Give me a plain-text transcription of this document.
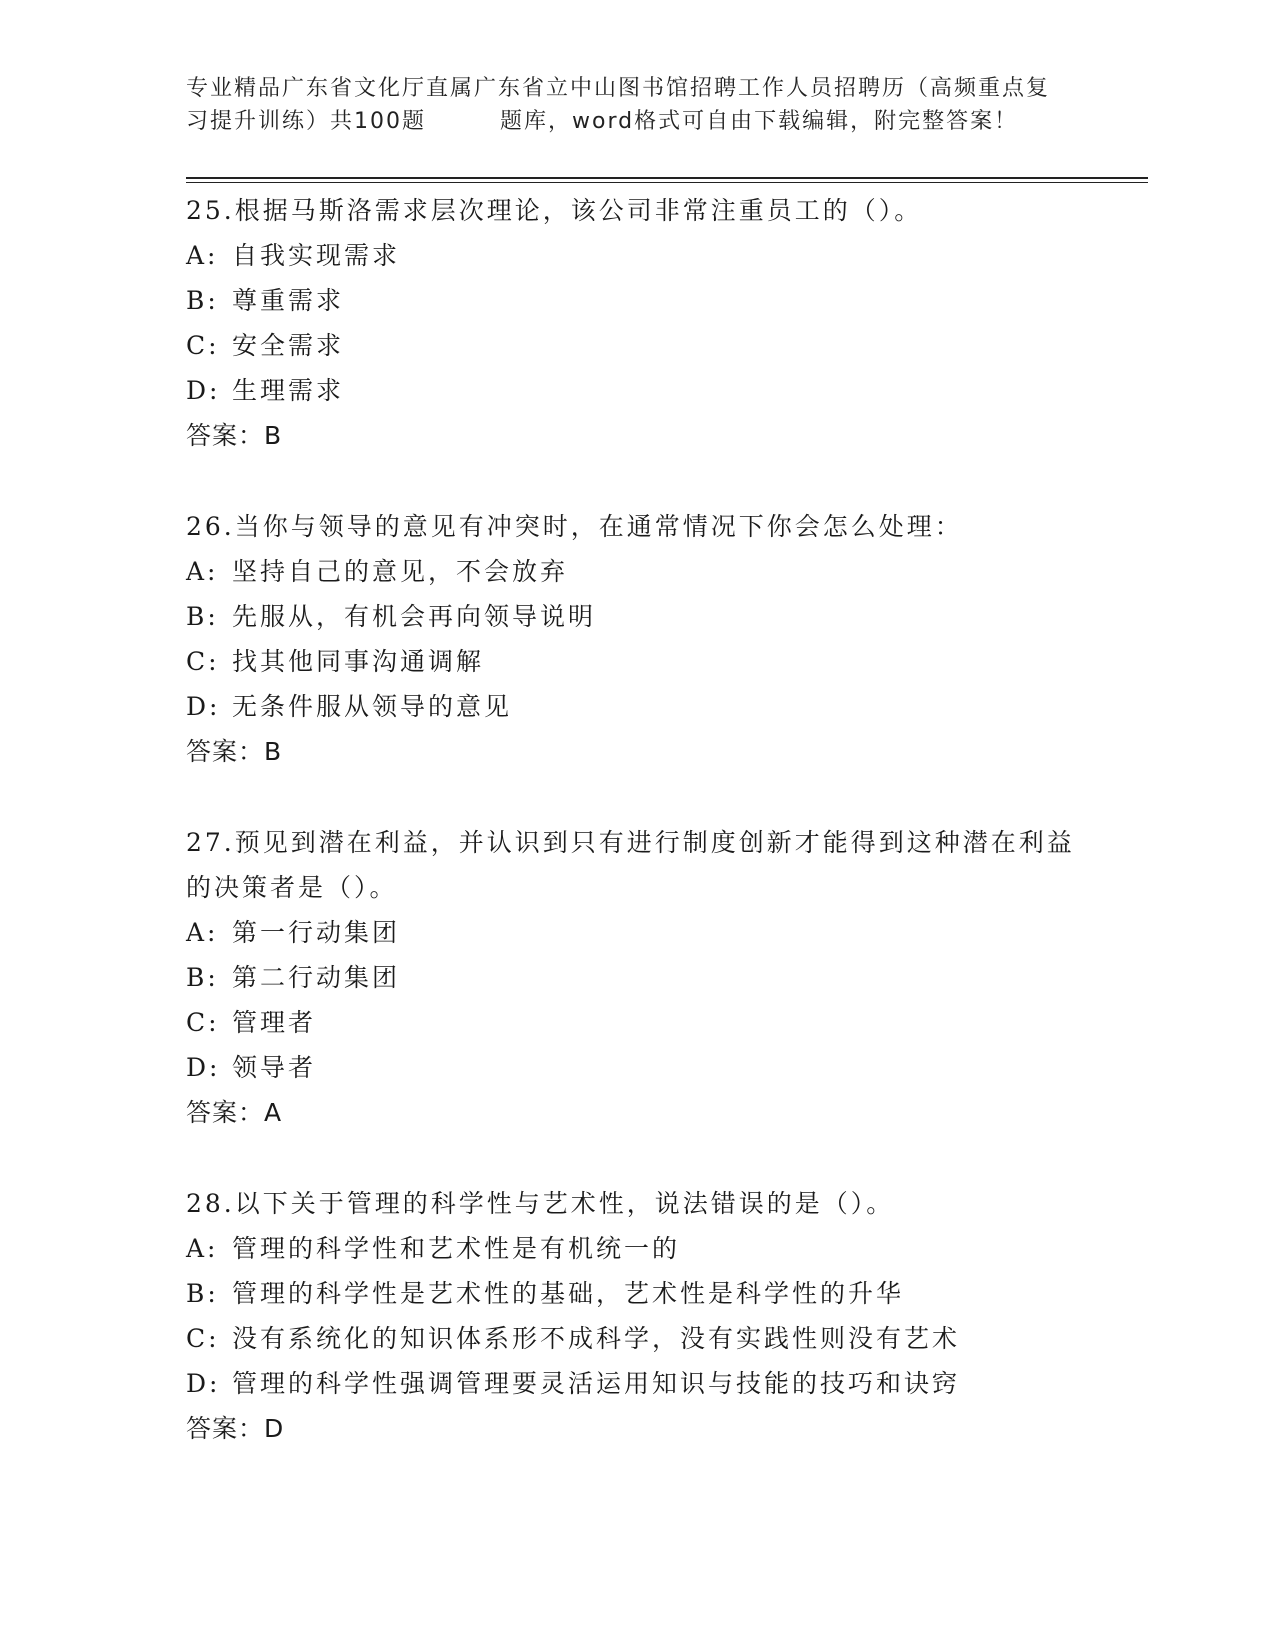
专业精品广东省文化厅直属广东省立中山图书馆招聘工作人员招聘历（高频重点复
习提升训练）共100题	题库，word格式可自由下载编辑，附完整答案！

25.根据马斯洛需求层次理论，该公司非常注重员工的（）。

A: 自我实现需求

B: 尊重需求

C: 安全需求

D: 生理需求

答案：B

26.当你与领导的意见有冲突时，在通常情况下你会怎么处理：

A: 坚持自己的意见，不会放弃

B: 先服从，有机会再向领导说明

C: 找其他同事沟通调解

D: 无条件服从领导的意见

答案：B

27.预见到潜在利益，并认识到只有进行制度创新才能得到这种潜在利益的决策者是（）。

A: 第一行动集团

B: 第二行动集团

C: 管理者

D: 领导者

答案：A

28.以下关于管理的科学性与艺术性，说法错误的是（）。

A: 管理的科学性和艺术性是有机统一的

B: 管理的科学性是艺术性的基础，艺术性是科学性的升华

C: 没有系统化的知识体系形不成科学，没有实践性则没有艺术

D: 管理的科学性强调管理要灵活运用知识与技能的技巧和诀窍

答案：D
